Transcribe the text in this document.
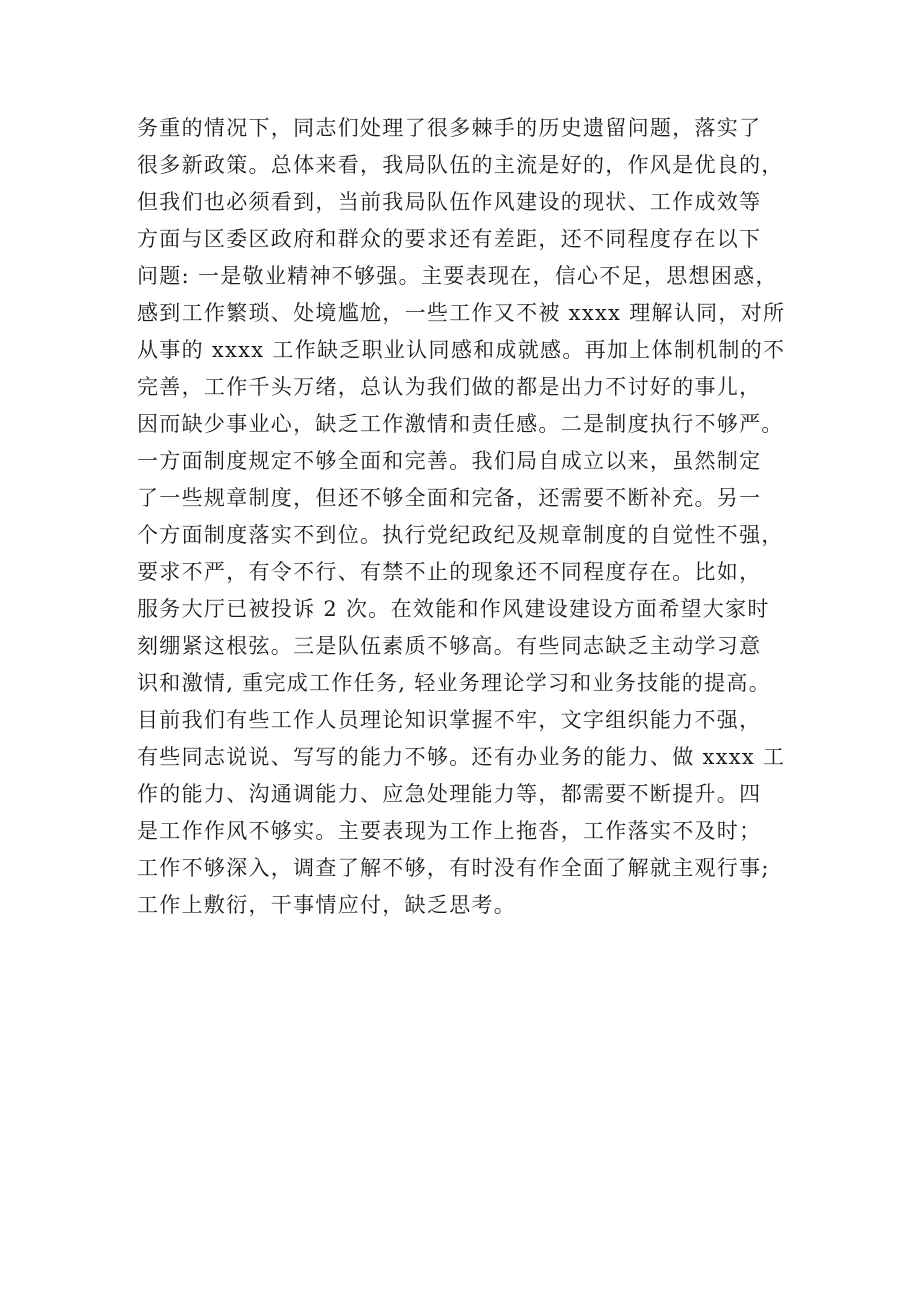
务重的情况下，同志们处理了很多棘手的历史遗留问题，落实了
很多新政策。总体来看，我局队伍的主流是好的，作风是优良的，
但我们也必须看到，当前我局队伍作风建设的现状、工作成效等
方面与区委区政府和群众的要求还有差距，还不同程度存在以下
问题: 一是敬业精神不够强。主要表现在，信心不足，思想困惑，
感到工作繁琐、处境尴尬，一些工作又不被 xxxx 理解认同，对所
从事的 xxxx 工作缺乏职业认同感和成就感。再加上体制机制的不
完善，工作千头万绪，总认为我们做的都是出力不讨好的事儿，
因而缺少事业心，缺乏工作激情和责任感。二是制度执行不够严。
一方面制度规定不够全面和完善。我们局自成立以来，虽然制定
了一些规章制度，但还不够全面和完备，还需要不断补充。另一
个方面制度落实不到位。执行党纪政纪及规章制度的自觉性不强，
要求不严，有令不行、有禁不止的现象还不同程度存在。比如，
服务大厅已被投诉 2 次。在效能和作风建设建设方面希望大家时
刻绷紧这根弦。三是队伍素质不够高。有些同志缺乏主动学习意
识和激情, 重完成工作任务, 轻业务理论学习和业务技能的提高。
目前我们有些工作人员理论知识掌握不牢，文字组织能力不强，
有些同志说说、写写的能力不够。还有办业务的能力、做 xxxx 工
作的能力、沟通调能力、应急处理能力等，都需要不断提升。四
是工作作风不够实。主要表现为工作上拖沓，工作落实不及时；
工作不够深入，调查了解不够，有时没有作全面了解就主观行事;
工作上敷衍，干事情应付，缺乏思考。
